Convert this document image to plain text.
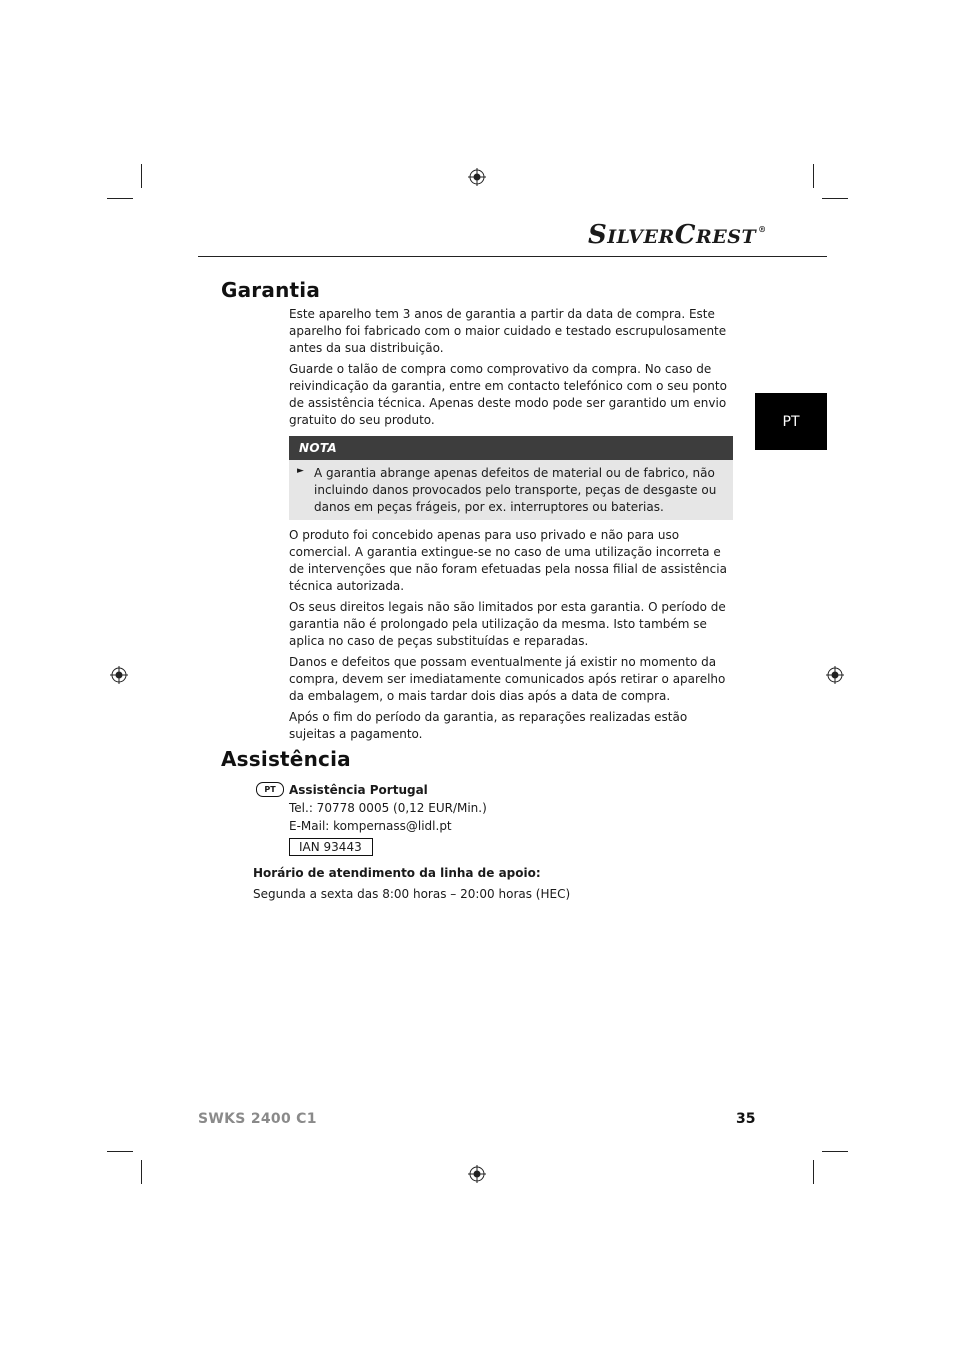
SILVERCREST ®
PT
Garantia

Este aparelho tem 3 anos de garantia a partir da data de compra. Este aparelho foi fabricado com o maior cuidado e testado escrupulosamente antes da sua distribuição.

Guarde o talão de compra como comprovativo da compra. No caso de reivindicação da garantia, entre em contacto telefónico com o seu ponto de assistência técnica. Apenas deste modo pode ser garantido um envio gratuito do seu produto.

NOTA
► A garantia abrange apenas defeitos de material ou de fabrico, não incluindo danos provocados pelo transporte, peças de desgaste ou danos em peças frágeis, por ex. interruptores ou baterias.

O produto foi concebido apenas para uso privado e não para uso comercial. A garantia extingue-se no caso de uma utilização incorreta e de intervenções que não foram efetuadas pela nossa filial de assistência técnica autorizada.

Os seus direitos legais não são limitados por esta garantia. O período de garantia não é prolongado pela utilização da mesma. Isto também se aplica no caso de peças substituídas e reparadas.

Danos e defeitos que possam eventualmente já existir no momento da compra, devem ser imediatamente comunicados após retirar o aparelho da embalagem, o mais tardar dois dias após a data de compra.

Após o fim do período da garantia, as reparações realizadas estão sujeitas a pagamento.

Assistência
PT	Assistência Portugal
Tel.: 70778 0005 (0,12 EUR/Min.)
E-Mail: kompernass@lidl.pt
IAN 93443
Horário de atendimento da linha de apoio:
Segunda a sexta das 8:00 horas – 20:00 horas (HEC)
SWKS 2400 C1	35
